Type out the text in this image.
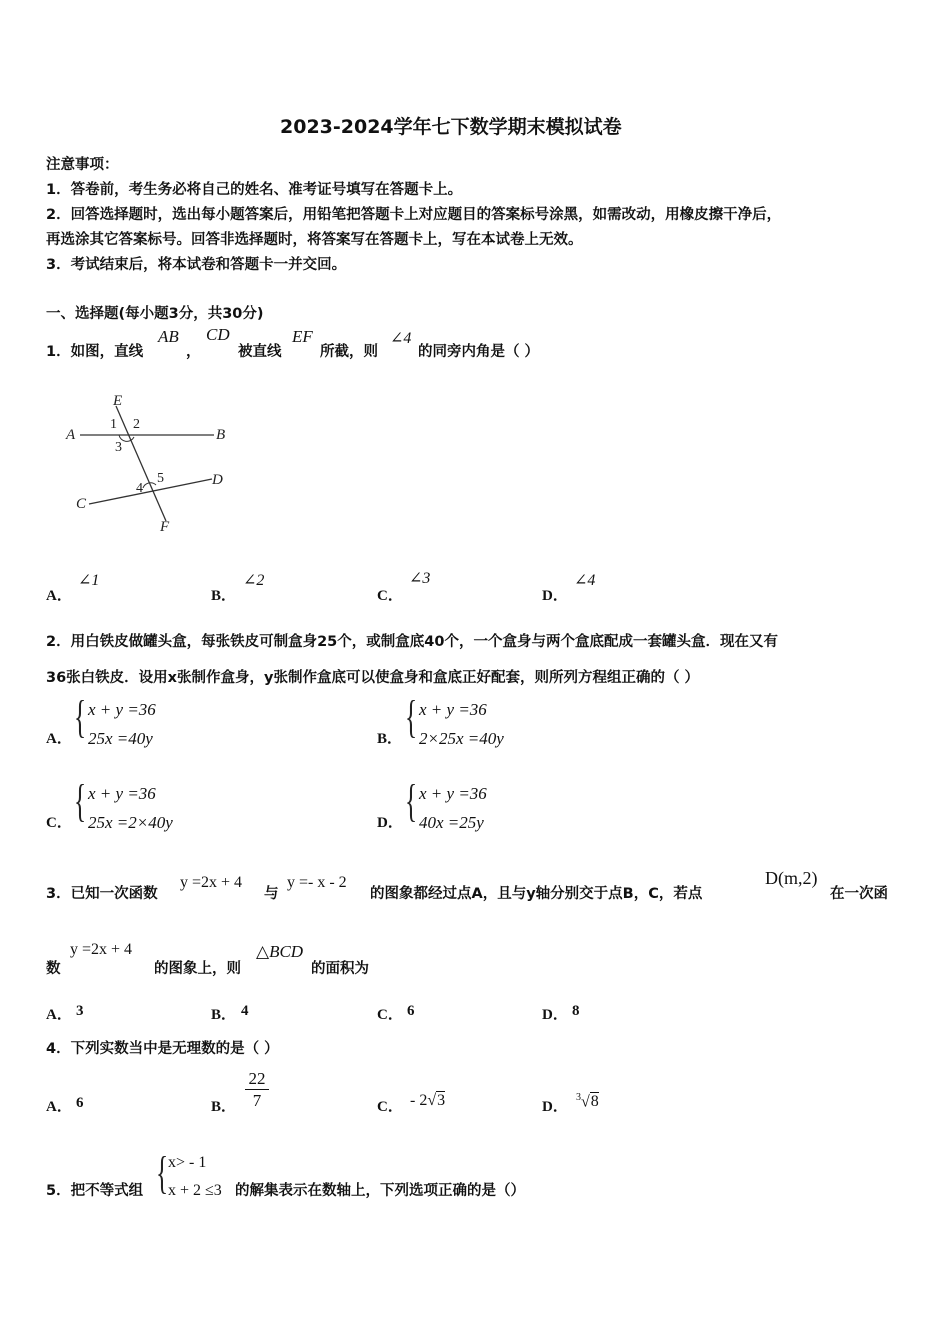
2023-2024学年七下数学期末模拟试卷
注意事项：
1．答卷前，考生务必将自己的姓名、准考证号填写在答题卡上。
2．回答选择题时，选出每小题答案后，用铅笔把答题卡上对应题目的答案标号涂黑，如需改动，用橡皮擦干净后，
再选涂其它答案标号。回答非选择题时，将答案写在答题卡上，写在本试卷上无效。
3．考试结束后，将本试卷和答题卡一并交回。
一、选择题(每小题3分，共30分)
1．如图，直线
AB
，
CD
被直线
EF
所截，则
∠4
的同旁内角是（ ）
A	B
C
D
E
F
1 2
3
4
5
A．
∠1
B．
∠2
C．
∠3
D．
∠4
2．用白铁皮做罐头盒，每张铁皮可制盒身25个，或制盒底40个，一个盒身与两个盒底配成一套罐头盒．现在又有
36张白铁皮．设用x张制作盒身，y张制作盒底可以使盒身和盒底正好配套，则所列方程组正确的（ ）
A． { x + y =36
25x =40y	B． { x + y =36
2×25x =40y
C． { x + y =36
25x =2×40y	D． { x + y =36
40x =25y
3．已知一次函数
y =2x + 4
与
y =- x - 2
的图象都经过点A，且与y轴分别交于点B，C，若点
D(m,2)
在一次函
数
y =2x + 4
的图象上，则
△BCD
的面积为
A． 3	B． 4	C． 6	D． 8
4．下列实数当中是无理数的是（ ）
A． 6	B． $\frac{22}{7}$	C． - 2√3	D．
$^3$√8
5．把不等式组 { x> - 1
x + 2 ≤3 的解集表示在数轴上，下列选项正确的是（）
